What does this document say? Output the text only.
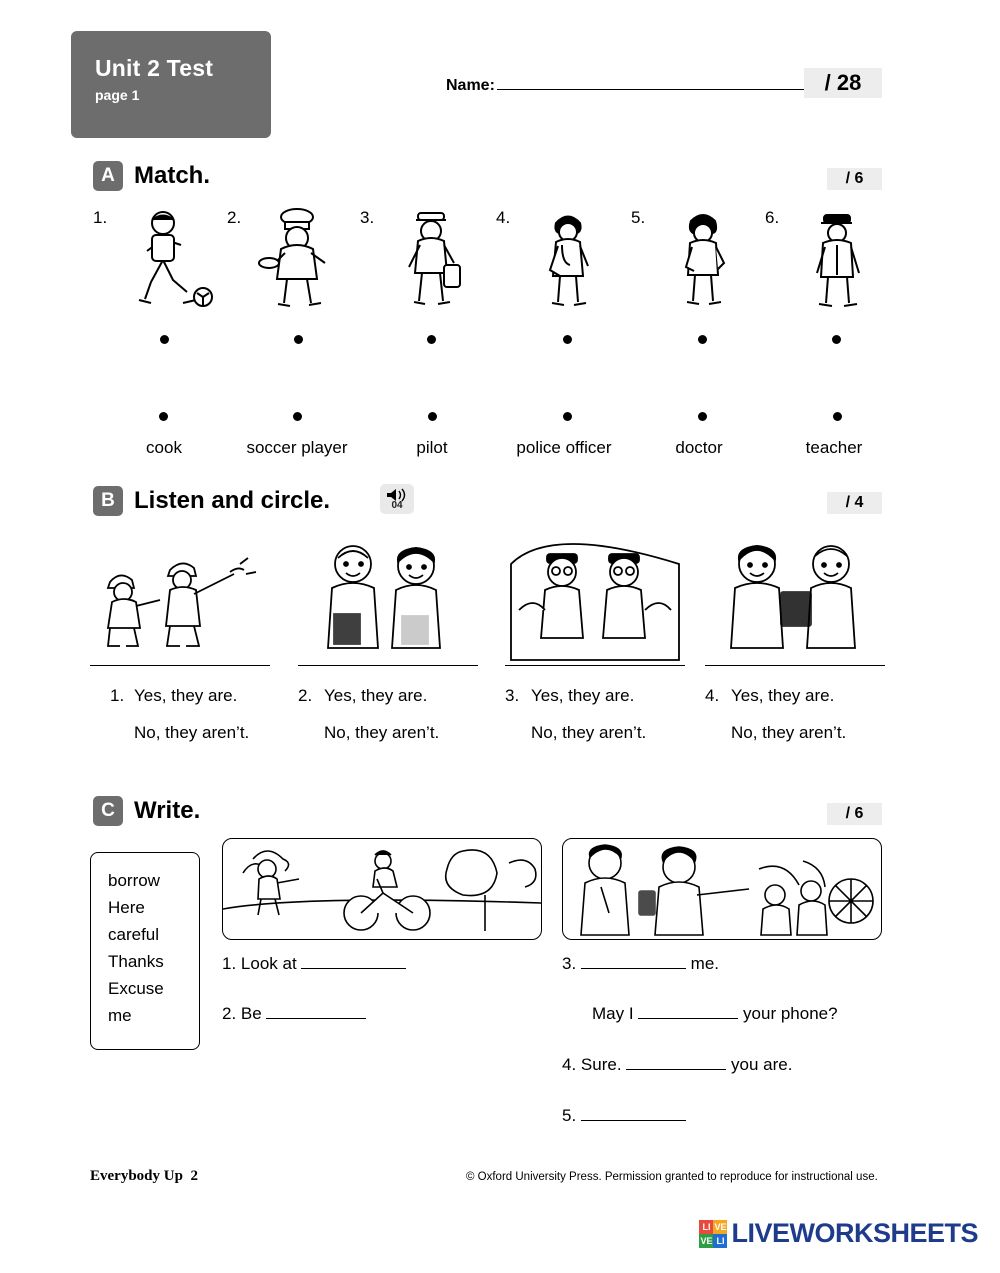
Unit 2 Test
page 1
Name:	/ 28
A Match.	/ 6
1.	2.	3.	4.	5.	6.
cook	soccer player	pilot	police officer	doctor	teacher
B Listen and circle.	04	/ 4
1. Yes, they are.
No, they aren’t.
2. Yes, they are.
No, they aren’t.
3. Yes, they are.
No, they aren’t.
4. Yes, they are.
No, they aren’t.
C Write.	/ 6
borrow
Here
careful
Thanks
Excuse
me
1. Look at
2. Be
3.	me.
May I	your phone?
4. Sure.	you are.
5.
Everybody Up 2	© Oxford University Press. Permission granted to reproduce for instructional use.
LI VE
VE LI LIVEWORKSHEETS
